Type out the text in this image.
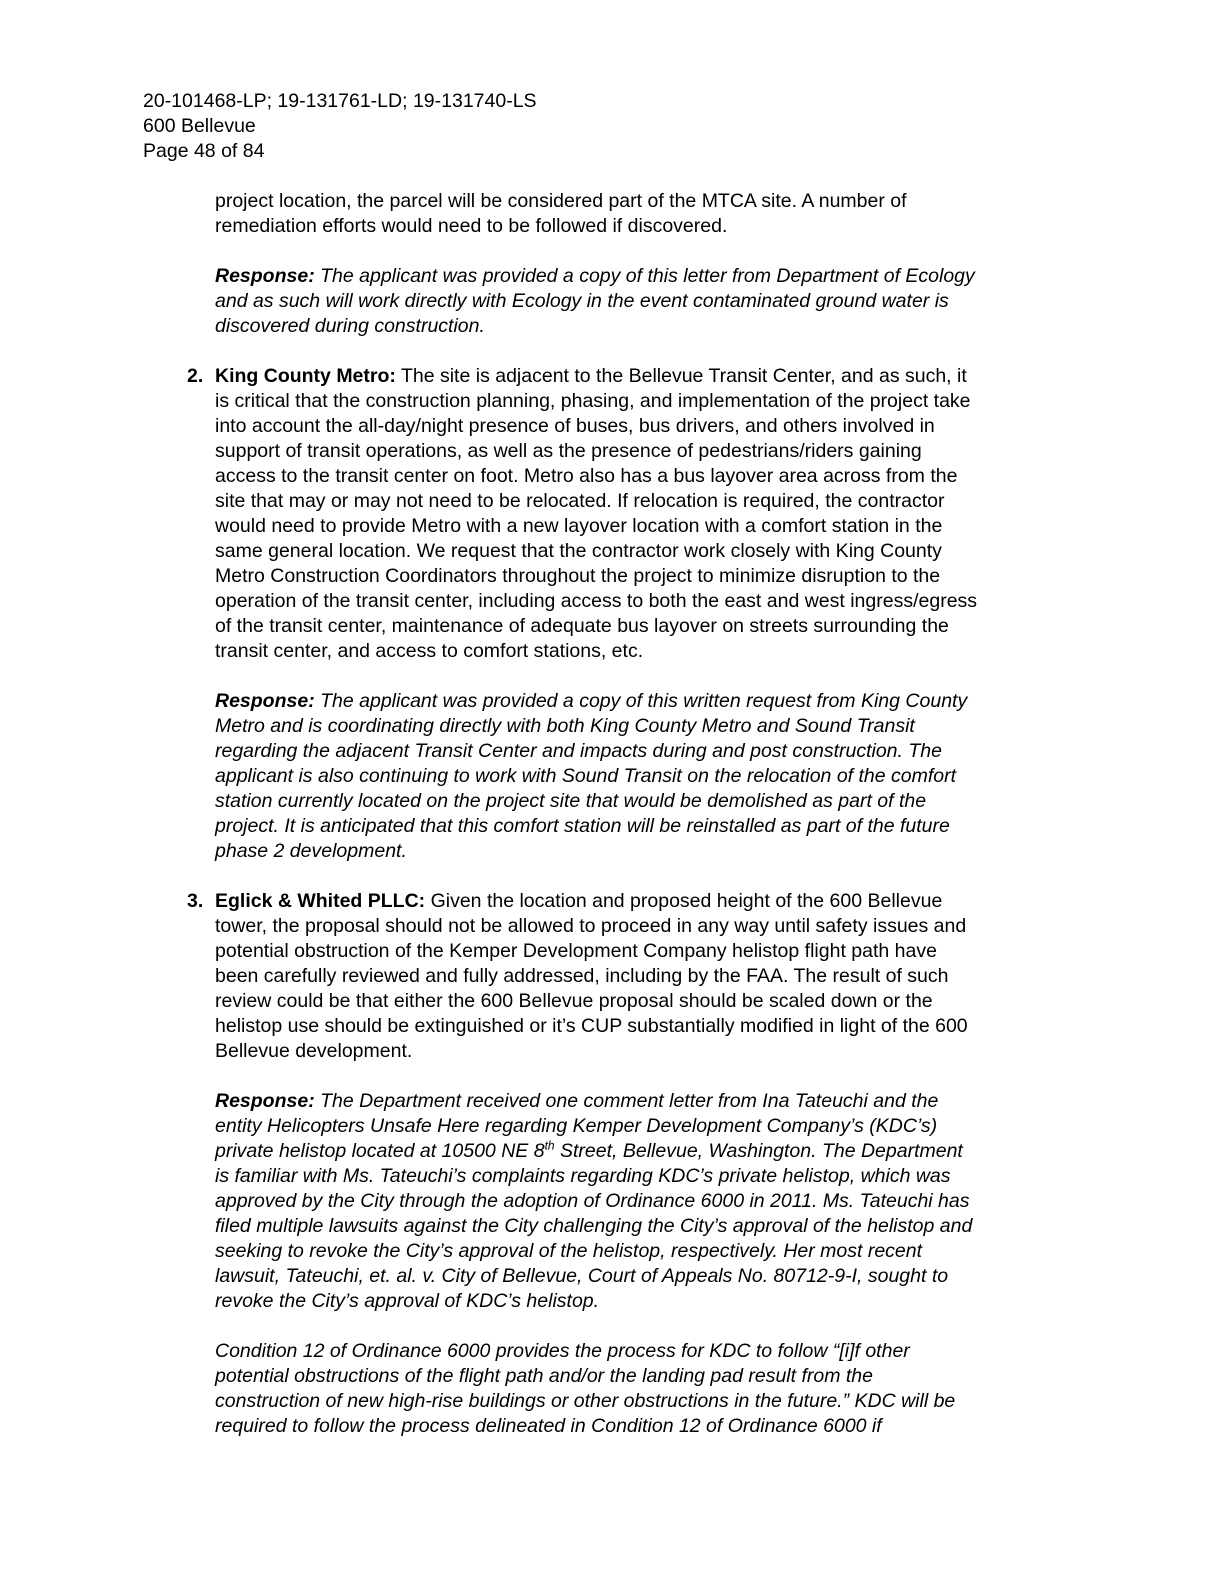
20-101468-LP; 19-131761-LD; 19-131740-LS
600 Bellevue
Page 48 of 84

project location, the parcel will be considered part of the MTCA site. A number of
remediation efforts would need to be followed if discovered.

Response: The applicant was provided a copy of this letter from Department of Ecology
and as such will work directly with Ecology in the event contaminated ground water is
discovered during construction.

2. King County Metro: The site is adjacent to the Bellevue Transit Center, and as such, it
is critical that the construction planning, phasing, and implementation of the project take
into account the all-day/night presence of buses, bus drivers, and others involved in
support of transit operations, as well as the presence of pedestrians/riders gaining
access to the transit center on foot. Metro also has a bus layover area across from the
site that may or may not need to be relocated. If relocation is required, the contractor
would need to provide Metro with a new layover location with a comfort station in the
same general location. We request that the contractor work closely with King County
Metro Construction Coordinators throughout the project to minimize disruption to the
operation of the transit center, including access to both the east and west ingress/egress
of the transit center, maintenance of adequate bus layover on streets surrounding the
transit center, and access to comfort stations, etc.

Response: The applicant was provided a copy of this written request from King County
Metro and is coordinating directly with both King County Metro and Sound Transit
regarding the adjacent Transit Center and impacts during and post construction. The
applicant is also continuing to work with Sound Transit on the relocation of the comfort
station currently located on the project site that would be demolished as part of the
project. It is anticipated that this comfort station will be reinstalled as part of the future
phase 2 development.

3. Eglick & Whited PLLC: Given the location and proposed height of the 600 Bellevue
tower, the proposal should not be allowed to proceed in any way until safety issues and
potential obstruction of the Kemper Development Company helistop flight path have
been carefully reviewed and fully addressed, including by the FAA. The result of such
review could be that either the 600 Bellevue proposal should be scaled down or the
helistop use should be extinguished or it’s CUP substantially modified in light of the 600
Bellevue development.

Response: The Department received one comment letter from Ina Tateuchi and the
entity Helicopters Unsafe Here regarding Kemper Development Company’s (KDC’s)
private helistop located at 10500 NE 8th Street, Bellevue, Washington. The Department
is familiar with Ms. Tateuchi’s complaints regarding KDC’s private helistop, which was
approved by the City through the adoption of Ordinance 6000 in 2011. Ms. Tateuchi has
filed multiple lawsuits against the City challenging the City’s approval of the helistop and
seeking to revoke the City’s approval of the helistop, respectively. Her most recent
lawsuit, Tateuchi, et. al. v. City of Bellevue, Court of Appeals No. 80712-9-I, sought to
revoke the City’s approval of KDC’s helistop.

Condition 12 of Ordinance 6000 provides the process for KDC to follow “[i]f other
potential obstructions of the flight path and/or the landing pad result from the
construction of new high-rise buildings or other obstructions in the future.” KDC will be
required to follow the process delineated in Condition 12 of Ordinance 6000 if
